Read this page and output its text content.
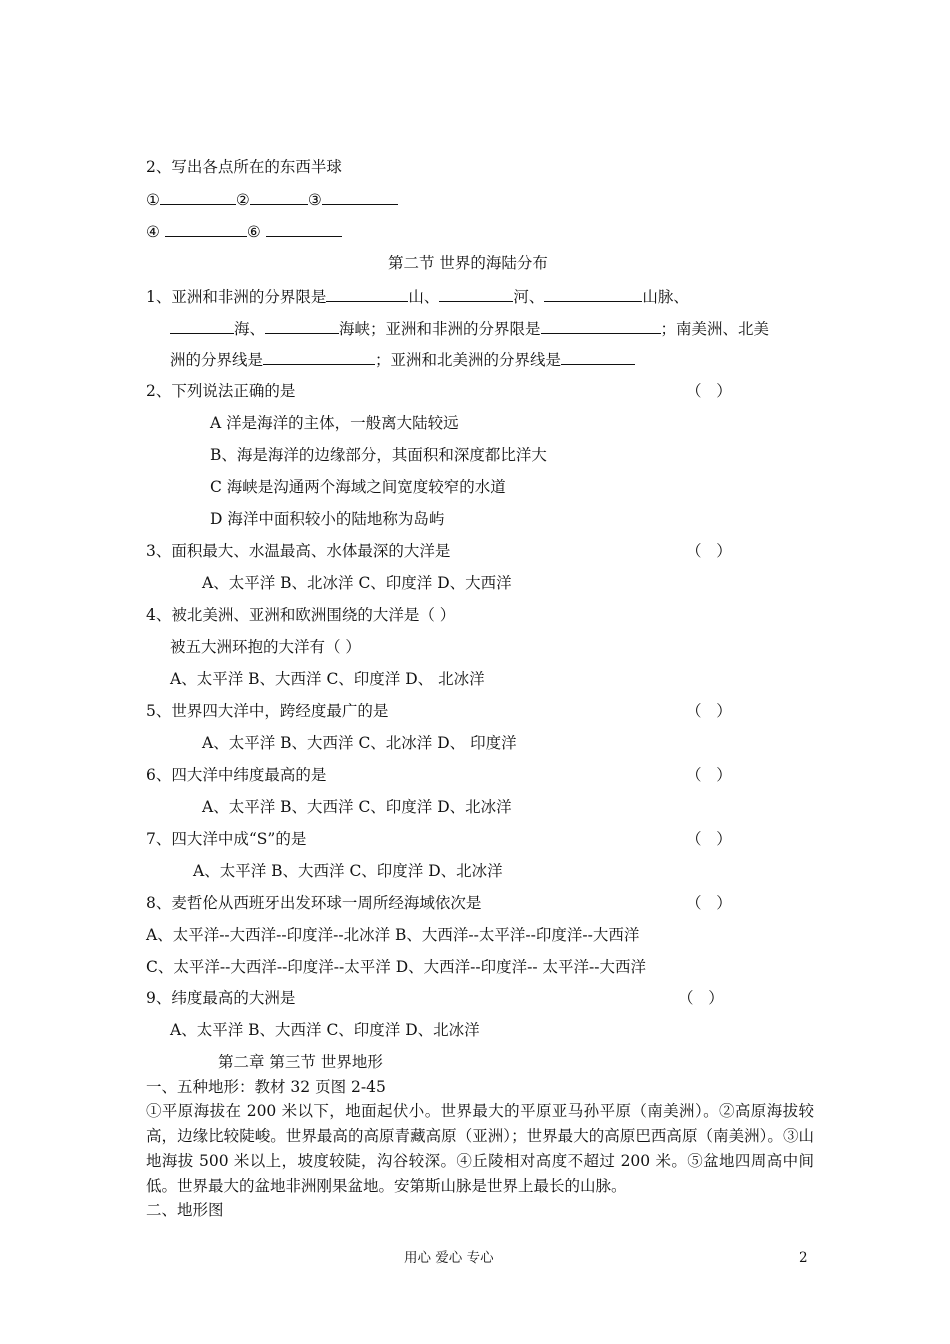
2、写出各点所在的东西半球
①	②	③
④	⑥
第二节 世界的海陆分布
1、亚洲和非洲的分界限是	山、	河、	山脉、
海、	海峡；亚洲和非洲的分界限是	；南美洲、北美
洲的分界线是	；亚洲和北美洲的分界线是
2、下列说法正确的是	（   ）
A 洋是海洋的主体，一般离大陆较远
B、海是海洋的边缘部分，其面积和深度都比洋大
C 海峡是沟通两个海域之间宽度较窄的水道
D 海洋中面积较小的陆地称为岛屿
3、面积最大、水温最高、水体最深的大洋是	（   ）
A、太平洋 B、北冰洋 C、印度洋 D、大西洋
4、被北美洲、亚洲和欧洲围绕的大洋是（ ）
被五大洲环抱的大洋有（ ）
A、太平洋 B、大西洋 C、印度洋 D、 北冰洋
5、世界四大洋中，跨经度最广的是	（   ）
A、太平洋 B、大西洋 C、北冰洋 D、 印度洋
6、四大洋中纬度最高的是	（   ）
A、太平洋 B、大西洋 C、印度洋 D、北冰洋
7、四大洋中成“S”的是	（   ）
A、太平洋 B、大西洋 C、印度洋 D、北冰洋
8、麦哲伦从西班牙出发环球一周所经海域依次是	（   ）
A、太平洋--大西洋--印度洋--北冰洋 B、大西洋--太平洋--印度洋--大西洋
C、太平洋--大西洋--印度洋--太平洋 D、大西洋--印度洋-- 太平洋--大西洋
9、纬度最高的大洲是	（   ）
A、太平洋 B、大西洋 C、印度洋 D、北冰洋
第二章 第三节 世界地形
一、五种地形：教材 32 页图 2-45
①平原海拔在 200 米以下，地面起伏小。世界最大的平原亚马孙平原（南美洲）。②高原海拔较高，边缘比较陡峻。世界最高的高原青藏高原（亚洲）；世界最大的高原巴西高原（南美洲）。③山地海拔 500 米以上，坡度较陡，沟谷较深。④丘陵相对高度不超过 200 米。⑤盆地四周高中间低。世界最大的盆地非洲刚果盆地。安第斯山脉是世界上最长的山脉。
二、地形图
用心 爱心 专心	2
